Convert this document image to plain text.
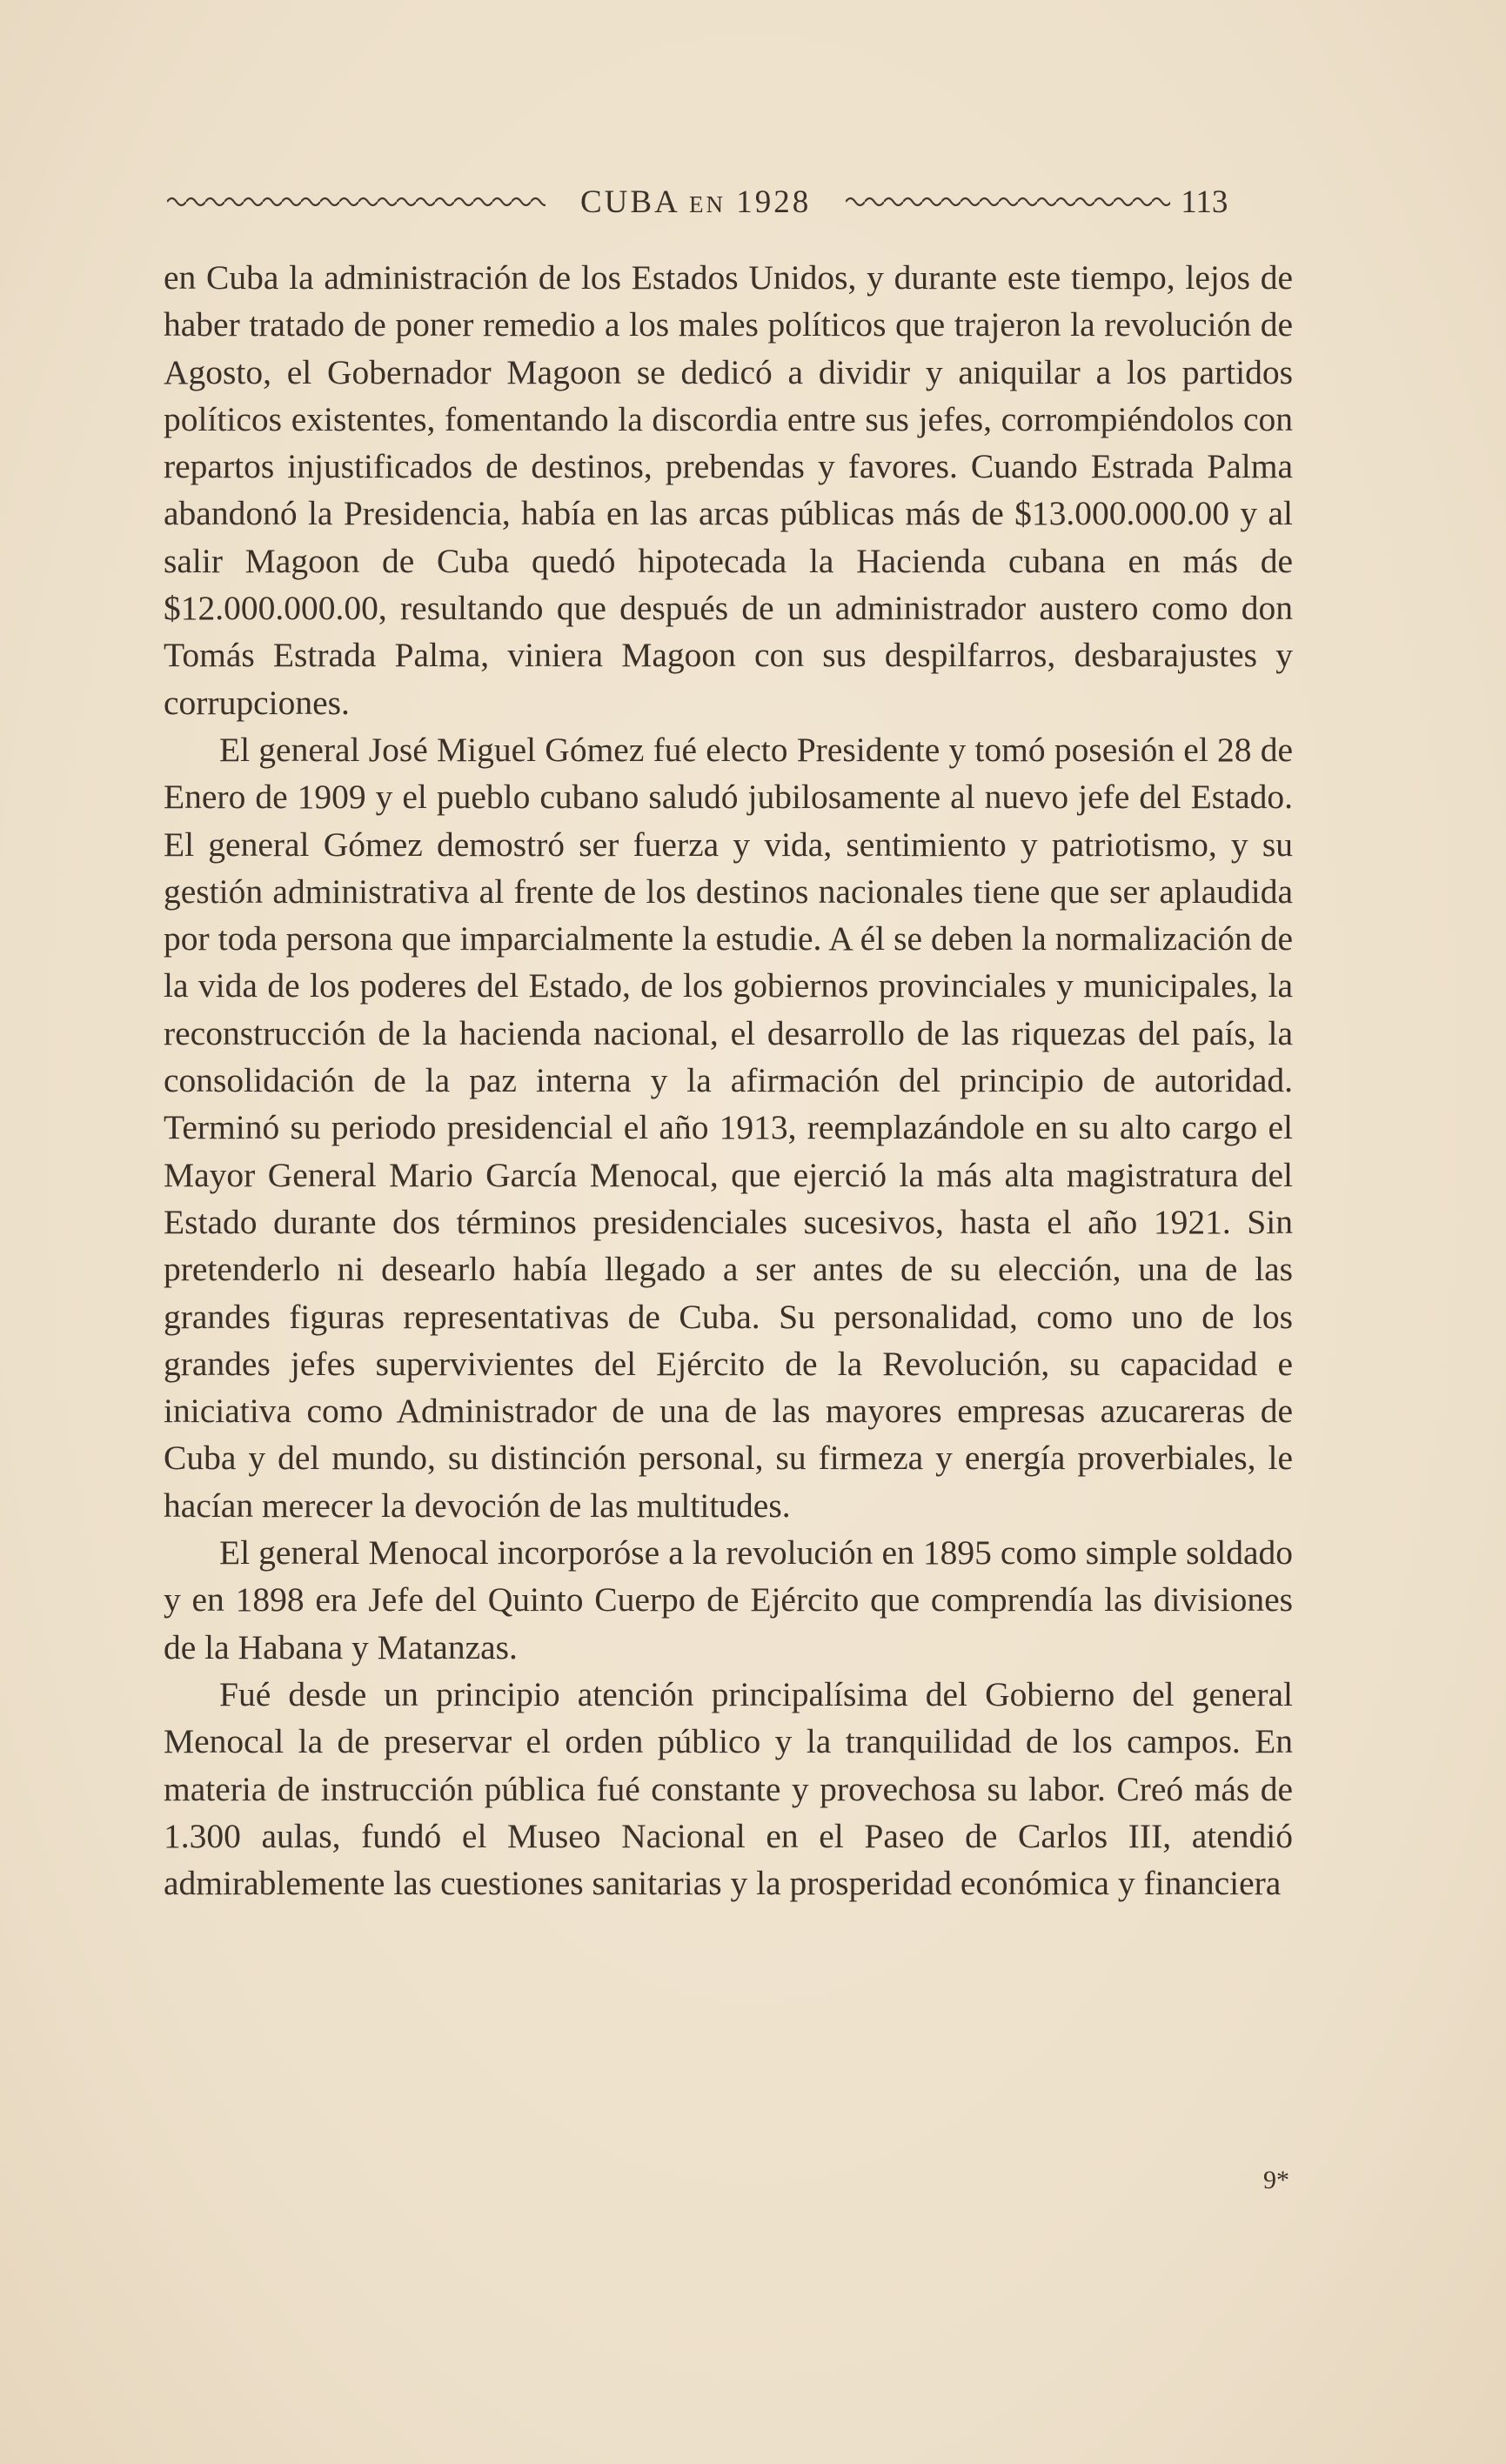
CUBA EN 1928	113

en Cuba la administración de los Estados Unidos, y durante este tiempo, lejos de haber tratado de poner remedio a los males políticos que trajeron la revolución de Agosto, el Gobernador Magoon se dedicó a dividir y aniquilar a los partidos políticos existentes, fomentando la discordia entre sus jefes, corrompiéndolos con repartos injustificados de destinos, prebendas y favores. Cuando Estrada Palma abandonó la Presidencia, había en las arcas públicas más de $13.000.000.00 y al salir Magoon de Cuba quedó hipotecada la Hacienda cubana en más de $12.000.000.00, resultando que después de un administrador austero como don Tomás Estrada Palma, viniera Magoon con sus despilfarros, desbarajustes y corrupciones.

El general José Miguel Gómez fué electo Presidente y tomó posesión el 28 de Enero de 1909 y el pueblo cubano saludó jubilosamente al nuevo jefe del Estado. El general Gómez demostró ser fuerza y vida, sentimiento y patriotismo, y su gestión administrativa al frente de los destinos nacionales tiene que ser aplaudida por toda persona que imparcialmente la estudie. A él se deben la normalización de la vida de los poderes del Estado, de los gobiernos provinciales y municipales, la reconstrucción de la hacienda nacional, el desarrollo de las riquezas del país, la consolidación de la paz interna y la afirmación del principio de autoridad. Terminó su periodo presidencial el año 1913, reemplazándole en su alto cargo el Mayor General Mario García Menocal, que ejerció la más alta magistratura del Estado durante dos términos presidenciales sucesivos, hasta el año 1921. Sin pretenderlo ni desearlo había llegado a ser antes de su elección, una de las grandes figuras representativas de Cuba. Su personalidad, como uno de los grandes jefes supervivientes del Ejército de la Revolución, su capacidad e iniciativa como Administrador de una de las mayores empresas azucareras de Cuba y del mundo, su distinción personal, su firmeza y energía proverbiales, le hacían merecer la devoción de las multitudes.

El general Menocal incorporóse a la revolución en 1895 como simple soldado y en 1898 era Jefe del Quinto Cuerpo de Ejército que comprendía las divisiones de la Habana y Matanzas.

Fué desde un principio atención principalísima del Gobierno del general Menocal la de preservar el orden público y la tranquilidad de los campos. En materia de instrucción pública fué constante y provechosa su labor. Creó más de 1.300 aulas, fundó el Museo Nacional en el Paseo de Carlos III, atendió admirablemente las cuestiones sanitarias y la prosperidad económica y financiera

9*
